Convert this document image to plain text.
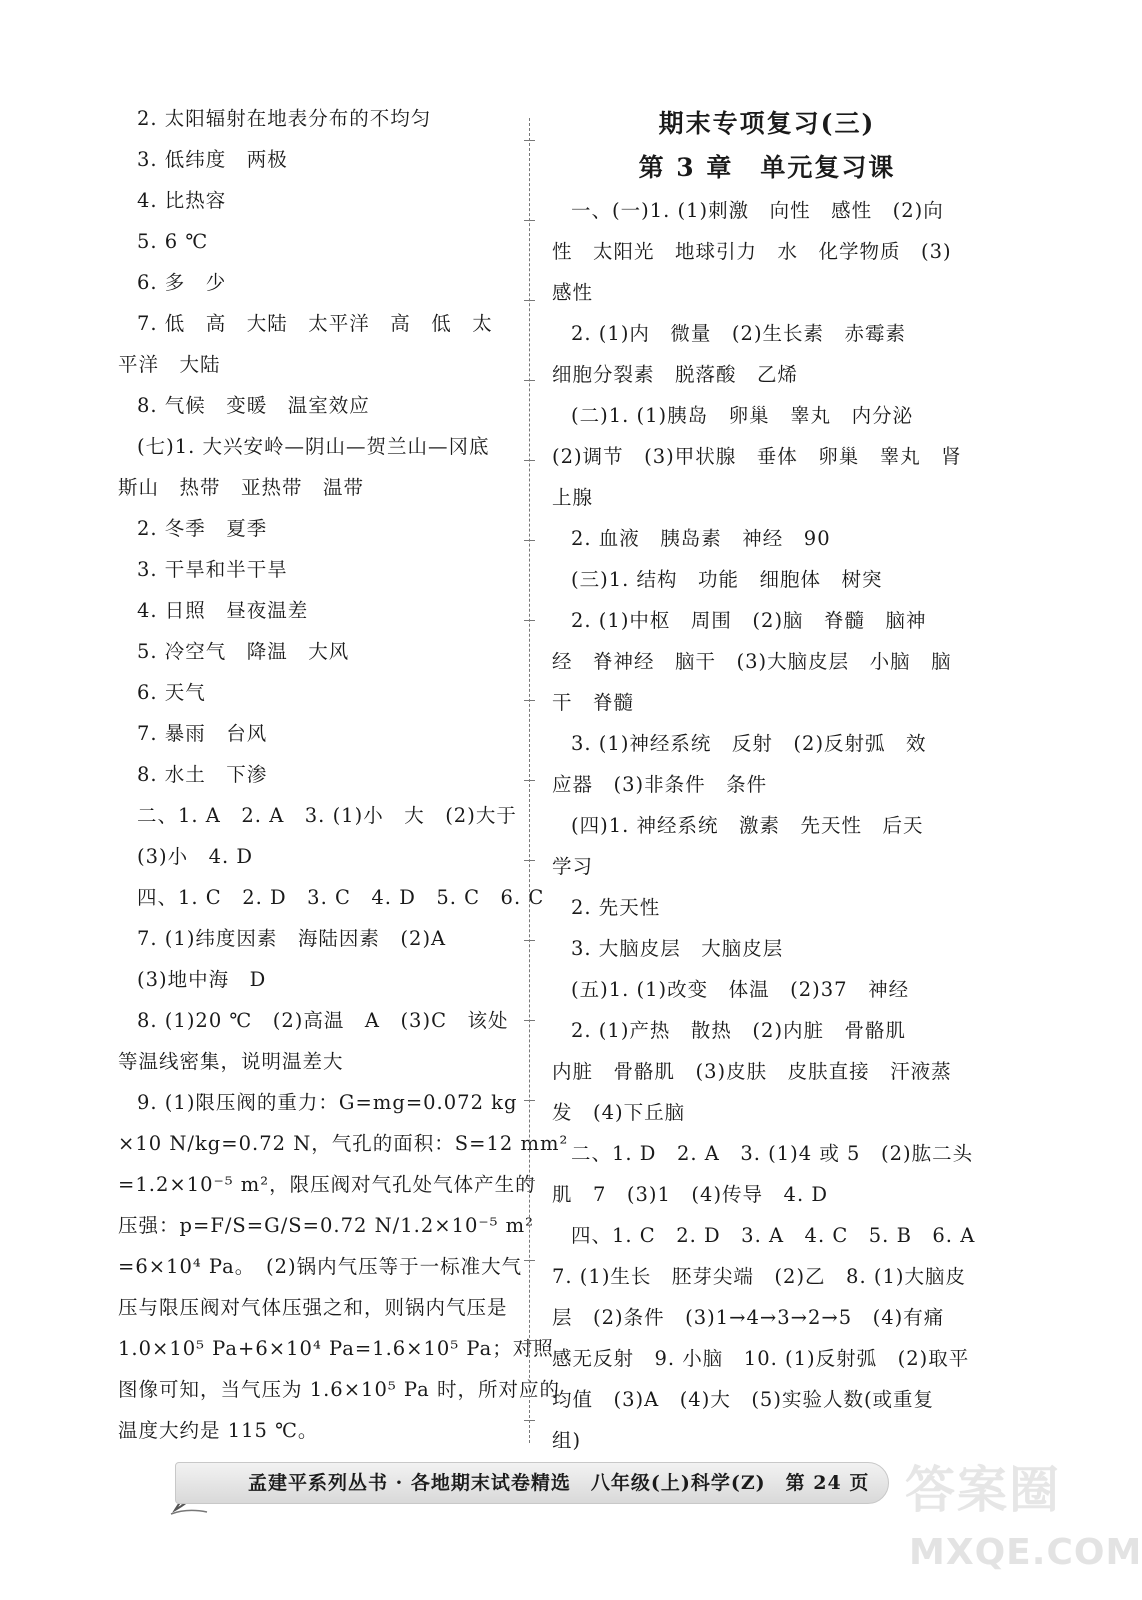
2. 太阳辐射在地表分布的不均匀
3. 低纬度　两极
4. 比热容
5. 6 ℃
6. 多　少
7. 低　高　大陆　太平洋　高　低　太
平洋　大陆
8. 气候　变暖　温室效应
(七)1. 大兴安岭—阴山—贺兰山—冈底
斯山　热带　亚热带　温带
2. 冬季　夏季
3. 干旱和半干旱
4. 日照　昼夜温差
5. 冷空气　降温　大风
6. 天气
7. 暴雨　台风
8. 水土　下渗
二、1. A　2. A　3. (1)小　大　(2)大于
(3)小　4. D
四、1. C　2. D　3. C　4. D　5. C　6. C
7. (1)纬度因素　海陆因素　(2)A
(3)地中海　D
8. (1)20 ℃　(2)高温　A　(3)C　该处
等温线密集，说明温差大
9. (1)限压阀的重力：G=mg=0.072 kg
×10 N/kg=0.72 N，气孔的面积：S=12 mm²
=1.2×10⁻⁵ m²，限压阀对气孔处气体产生的
压强：p=F/S=G/S=0.72 N/1.2×10⁻⁵ m²
=6×10⁴ Pa。　(2)锅内气压等于一标准大气
压与限压阀对气体压强之和，则锅内气压是
1.0×10⁵ Pa+6×10⁴ Pa=1.6×10⁵ Pa；对照
图像可知，当气压为 1.6×10⁵ Pa 时，所对应的
温度大约是 115 ℃。
期末专项复习(三)
第 3 章　单元复习课
一、(一)1. (1)刺激　向性　感性　(2)向
性　太阳光　地球引力　水　化学物质　(3)
感性
2. (1)内　微量　(2)生长素　赤霉素
细胞分裂素　脱落酸　乙烯
(二)1. (1)胰岛　卵巢　睾丸　内分泌
(2)调节　(3)甲状腺　垂体　卵巢　睾丸　肾
上腺
2. 血液　胰岛素　神经　90
(三)1. 结构　功能　细胞体　树突
2. (1)中枢　周围　(2)脑　脊髓　脑神
经　脊神经　脑干　(3)大脑皮层　小脑　脑
干　脊髓
3. (1)神经系统　反射　(2)反射弧　效
应器　(3)非条件　条件
(四)1. 神经系统　激素　先天性　后天
学习
2. 先天性
3. 大脑皮层　大脑皮层
(五)1. (1)改变　体温　(2)37　神经
2. (1)产热　散热　(2)内脏　骨骼肌
内脏　骨骼肌　(3)皮肤　皮肤直接　汗液蒸
发　(4)下丘脑
二、1. D　2. A　3. (1)4 或 5　(2)肱二头
肌　7　(3)1　(4)传导　4. D
四、1. C　2. D　3. A　4. C　5. B　6. A
7. (1)生长　胚芽尖端　(2)乙　8. (1)大脑皮
层　(2)条件　(3)1→4→3→2→5　(4)有痛
感无反射　9. 小脑　10. (1)反射弧　(2)取平
均值　(3)A　(4)大　(5)实验人数(或重复
组)
孟建平系列丛书 · 各地期末试卷精选　八年级(上)科学(Z)　第 24 页 答案圈
MXQE.COM
